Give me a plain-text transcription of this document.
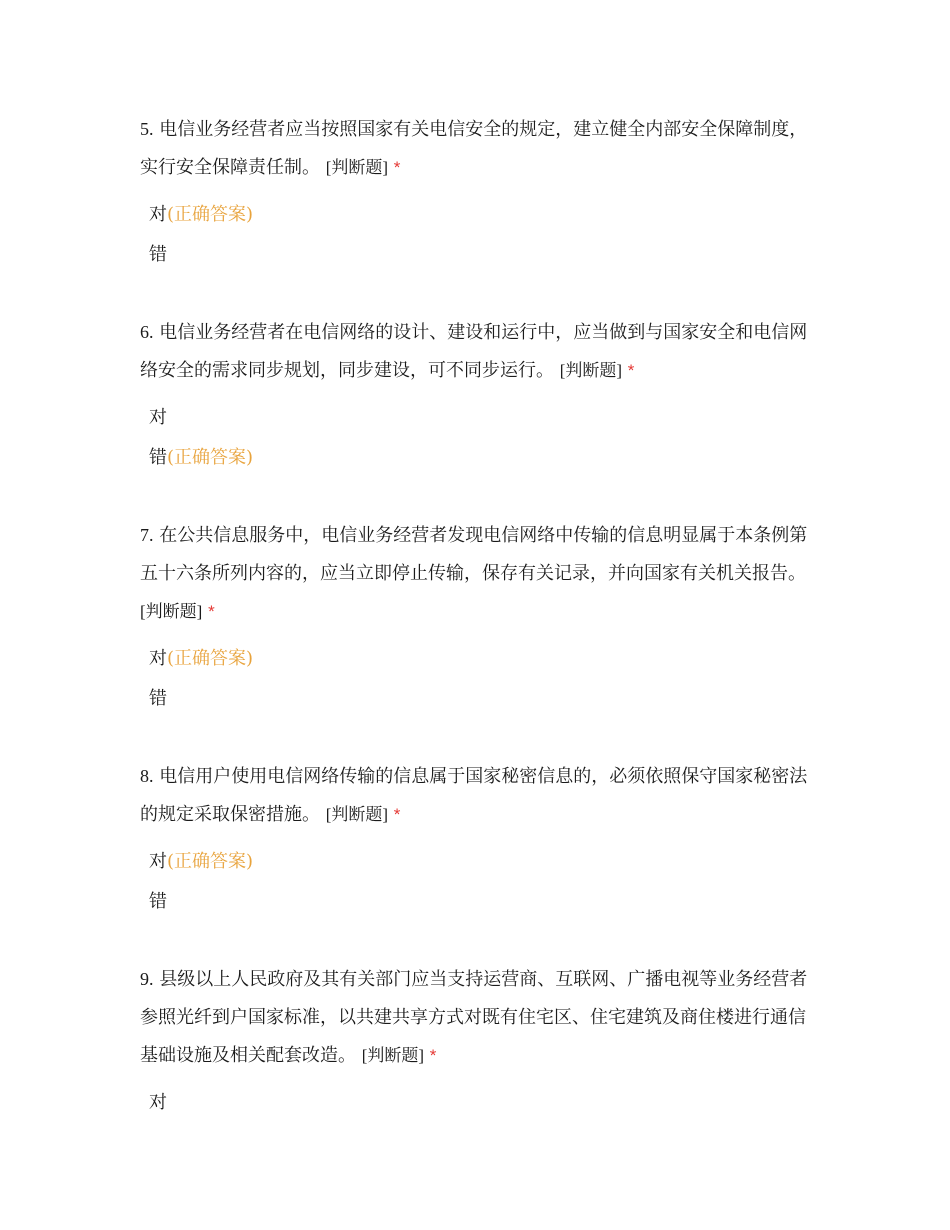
5. 电信业务经营者应当按照国家有关电信安全的规定，建立健全内部安全保障制度，实行安全保障责任制。 [判断题] *

对(正确答案)
错

6. 电信业务经营者在电信网络的设计、建设和运行中，应当做到与国家安全和电信网络安全的需求同步规划，同步建设，可不同步运行。 [判断题] *

对
错(正确答案)

7. 在公共信息服务中，电信业务经营者发现电信网络中传输的信息明显属于本条例第五十六条所列内容的，应当立即停止传输，保存有关记录，并向国家有关机关报告。 [判断题] *

对(正确答案)
错

8. 电信用户使用电信网络传输的信息属于国家秘密信息的，必须依照保守国家秘密法的规定采取保密措施。 [判断题] *

对(正确答案)
错

9. 县级以上人民政府及其有关部门应当支持运营商、互联网、广播电视等业务经营者参照光纤到户国家标准，以共建共享方式对既有住宅区、住宅建筑及商住楼进行通信基础设施及相关配套改造。 [判断题] *

对
